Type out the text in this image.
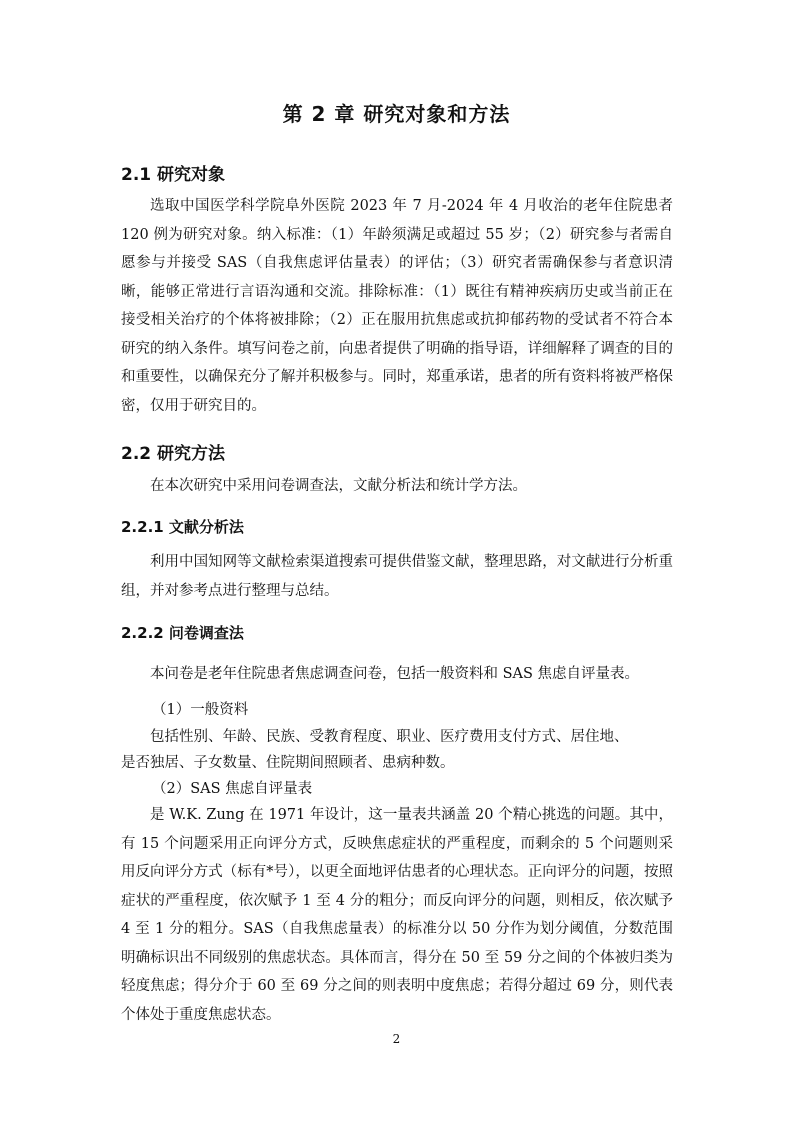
第 2 章 研究对象和方法
2.1 研究对象
选取中国医学科学院阜外医院 2023 年 7 月-2024 年 4 月收治的老年住院患者 120 例为研究对象。纳入标准：（1）年龄须满足或超过 55 岁；（2）研究参与者需自愿参与并接受 SAS（自我焦虑评估量表）的评估；（3）研究者需确保参与者意识清晰，能够正常进行言语沟通和交流。排除标准：（1）既往有精神疾病历史或当前正在接受相关治疗的个体将被排除；（2）正在服用抗焦虑或抗抑郁药物的受试者不符合本研究的纳入条件。填写问卷之前，向患者提供了明确的指导语，详细解释了调查的目的和重要性，以确保充分了解并积极参与。同时，郑重承诺，患者的所有资料将被严格保密，仅用于研究目的。
2.2 研究方法
在本次研究中采用问卷调查法，文献分析法和统计学方法。
2.2.1 文献分析法
利用中国知网等文献检索渠道搜索可提供借鉴文献，整理思路，对文献进行分析重组，并对参考点进行整理与总结。
2.2.2 问卷调查法
本问卷是老年住院患者焦虑调查问卷，包括一般资料和 SAS 焦虑自评量表。
（1）一般资料
包括性别、年龄、民族、受教育程度、职业、医疗费用支付方式、居住地、
是否独居、子女数量、住院期间照顾者、患病种数。
（2）SAS 焦虑自评量表
是 W.K. Zung 在 1971 年设计，这一量表共涵盖 20 个精心挑选的问题。其中，有 15 个问题采用正向评分方式，反映焦虑症状的严重程度，而剩余的 5 个问题则采用反向评分方式（标有*号），以更全面地评估患者的心理状态。正向评分的问题，按照症状的严重程度，依次赋予 1 至 4 分的粗分；而反向评分的问题，则相反，依次赋予 4 至 1 分的粗分。SAS（自我焦虑量表）的标准分以 50 分作为划分阈值，分数范围明确标识出不同级别的焦虑状态。具体而言，得分在 50 至 59 分之间的个体被归类为轻度焦虑；得分介于 60 至 69 分之间的则表明中度焦虑；若得分超过 69 分，则代表个体处于重度焦虑状态。
2
